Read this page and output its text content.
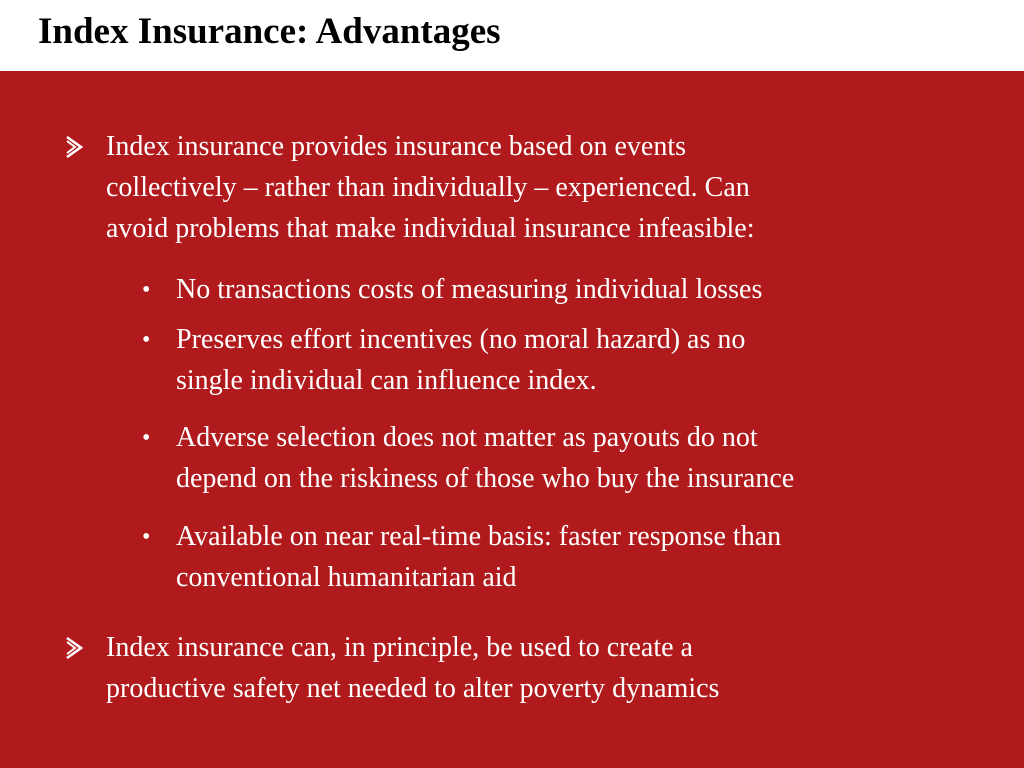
Index Insurance: Advantages
Index insurance provides insurance based on events
collectively – rather than individually – experienced. Can
avoid problems that make individual insurance infeasible:
• No transactions costs of measuring individual losses
• Preserves effort incentives (no moral hazard) as no
single individual can influence index.
• Adverse selection does not matter as payouts do not
depend on the riskiness of those who buy the insurance
• Available on near real-time basis: faster response than
conventional humanitarian aid
Index insurance can, in principle, be used to create a
productive safety net needed to alter poverty dynamics
